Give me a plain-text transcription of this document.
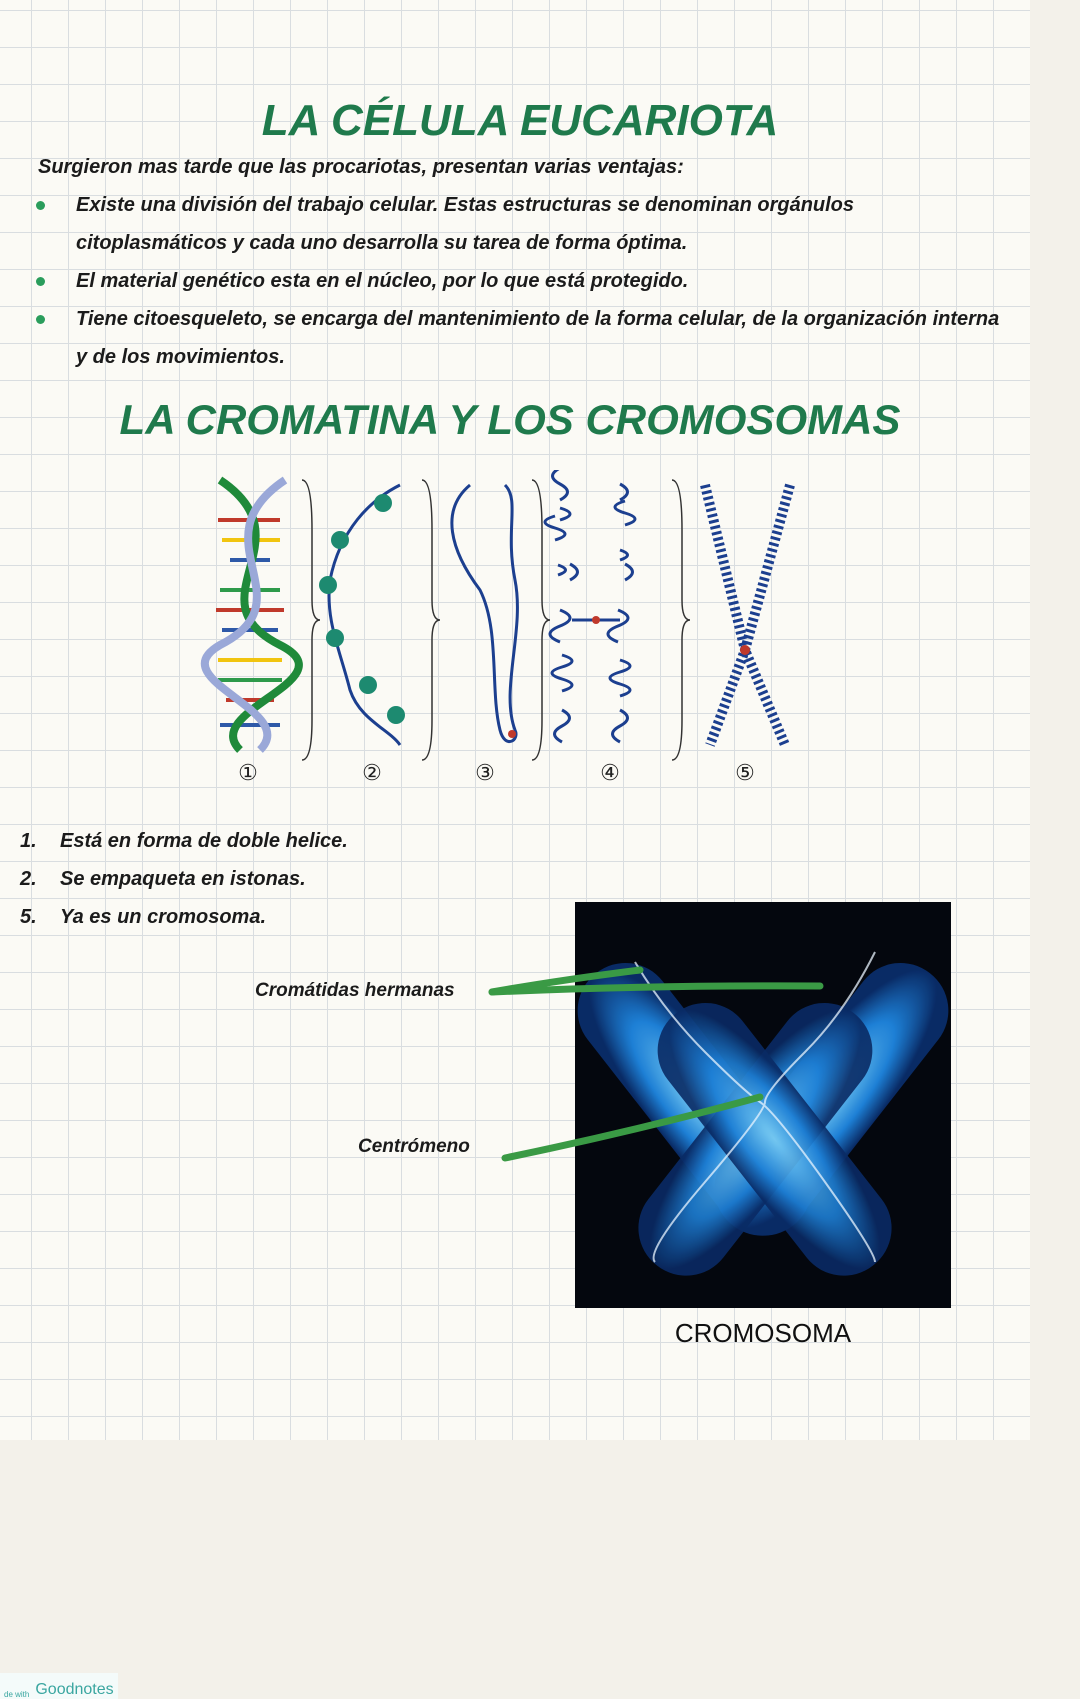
LA CÉLULA EUCARIOTA
Surgieron mas tarde que las procariotas, presentan varias ventajas:
Existe una división del trabajo celular. Estas estructuras se denominan orgánulos citoplasmáticos y cada uno desarrolla su tarea de forma óptima.
El material genético esta en el núcleo, por lo que está protegido.
Tiene citoesqueleto, se encarga del mantenimiento de la forma celular, de la organización interna y de los movimientos.
LA CROMATINA Y LOS CROMOSOMAS
①	②	③	④	⑤
1. Está en forma de doble helice.
2. Se empaqueta en istonas.
5. Ya es un cromosoma.
CROMOSOMA
Cromátidas hermanas
Centrómeno
de with Goodnotes
